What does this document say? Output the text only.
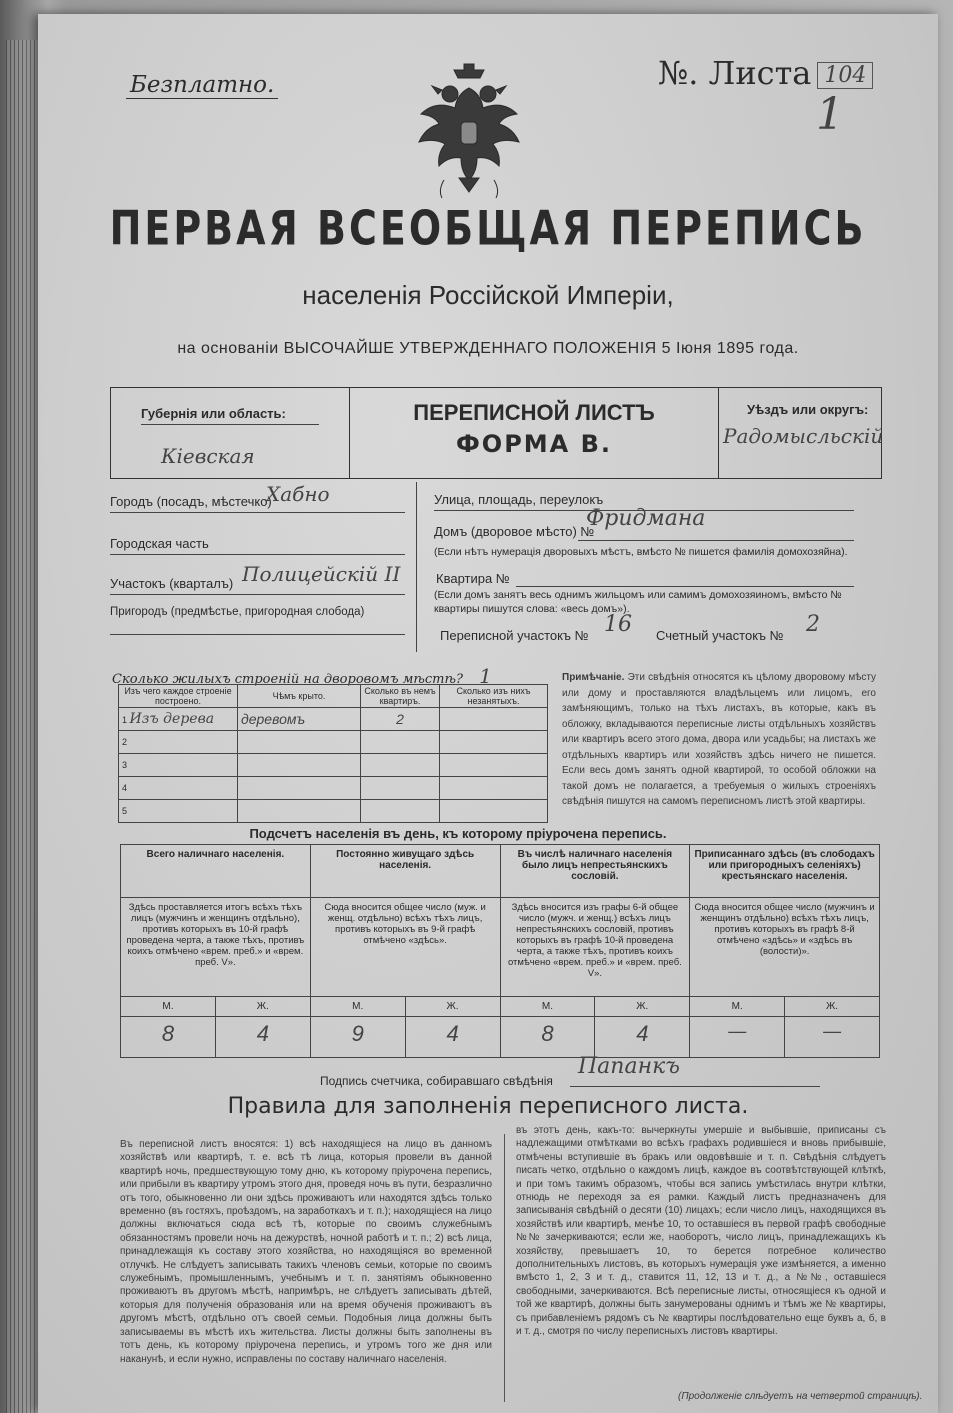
Безплатно.	№. Листа 104
1
ПЕРВАЯ ВСЕОБЩАЯ ПЕРЕПИСЬ
населенія Россійской Имперіи,
на основаніи ВЫСОЧАЙШЕ УТВЕРЖДЕННАГО ПОЛОЖЕНІЯ 5 Іюня 1895 года.
Губернія или область:
Кіевская
ПЕРЕПИСНОЙ ЛИСТЪ
ФОРМА В.
Уѣздъ или округъ:
Радомысльскій
Городъ (посадъ, мѣстечко)
Хабно
Городская часть
Участокъ (кварталъ) Полицейскій II
Пригородъ (предмѣстье, пригородная слобода)
Улица, площадь, переулокъ
Домъ (дворовое мѣсто) №
Фридмана
(Если нѣтъ нумерація дворовыхъ мѣстъ, вмѣсто № пишется фамилія домохозяйна).
Квартира №
(Если домъ занятъ весь однимъ жильцомъ или самимъ домохозяиномъ, вмѣсто № квартиры пишутся слова: «весь домъ»).
Переписной участокъ № 16 Счетный участокъ № 2
Сколько жилыхъ строеній на дворовомъ мѣстѣ? 1
Изъ чего каждое строеніе построено.	Чѣмъ крыто.	Сколько въ немъ квартиръ.	Сколько изъ нихъ незанятыхъ.
1 Изъ дерева	деревомъ	2	
2			
3			
4			
5			
Примѣчаніе. Эти свѣдѣнія относятся къ цѣлому дворовому мѣсту или дому и проставляются владѣльцемъ или лицомъ, его замѣняющимъ, только на тѣхъ листахъ, въ которые, какъ въ обложку, вкладываются переписные листы отдѣльныхъ хозяйствъ или квартиръ всего этого дома, двора или усадьбы; на листахъ же отдѣльныхъ квартиръ или хозяйствъ здѣсь ничего не пишется. Если весь домъ занятъ одной квартирой, то особой обложки на такой домъ не полагается, а требуемыя о жилыхъ строеніяхъ свѣдѣнія пишутся на самомъ переписномъ листѣ этой квартиры.
Подсчетъ населенія въ день, къ которому пріурочена перепись.
Всего наличнаго населенія.		Постоянно живущаго здѣсь населенія.		Въ числѣ наличнаго населенія было лицъ непрестьянскихъ сословій.		Приписаннаго здѣсь (въ слободахъ или пригородныхъ селеніяхъ) крестьянскаго населенія.	
Здѣсь проставляется итогъ всѣхъ тѣхъ лицъ (мужчинъ и женщинъ отдѣльно), противъ которыхъ въ 10-й графѣ проведена черта, а также тѣхъ, противъ коихъ отмѣчено «врем. преб.» и «врем. преб. V».		Сюда вносится общее число (муж. и женщ. отдѣльно) всѣхъ тѣхъ лицъ, противъ которыхъ въ 9-й графѣ отмѣчено «здѣсь».		Здѣсь вносится изъ графы 6-й общее число (мужч. и женщ.) всѣхъ лицъ непрестьянскихъ сословій, противъ которыхъ въ графѣ 10-й проведена черта, а также тѣхъ, противъ коихъ отмѣчено «врем. преб.» и «врем. преб. V».		Сюда вносится общее число (мужчинъ и женщинъ отдѣльно) всѣхъ тѣхъ лицъ, противъ которыхъ въ графѣ 8-й отмѣчено «здѣсь» и «здѣсь въ (волости)».	
М.	Ж.	М.	Ж.	М.	Ж.	М.	Ж.
8	4	9	4	8	4	—	—
Подпись счетчика, собиравшаго свѣдѣнія
Папанкъ
Правила для заполненія переписного листа.
Въ переписной листъ вносятся: 1) всѣ находящіеся на лицо въ данномъ хозяйствѣ или квартирѣ, т. е. всѣ тѣ лица, которыя провели въ данной квартирѣ ночь, предшествующую тому дню, къ которому пріурочена перепись, или прибыли въ квартиру утромъ этого дня, проведя ночь въ пути, безразлично отъ того, обыкновенно ли они здѣсь проживаютъ или находятся здѣсь только временно (въ гостяхъ, проѣздомъ, на заработкахъ и т. п.); находящіеся на лицо должны включаться сюда всѣ тѣ, которые по своимъ служебнымъ обязанностямъ провели ночь на дежурствѣ, ночной работѣ и т. п.; 2) всѣ лица, принадлежащія къ составу этого хозяйства, но находящіяся во временной отлучкѣ. Не слѣдуетъ записывать такихъ членовъ семьи, которые по своимъ служебнымъ, промышленнымъ, учебнымъ и т. п. занятіямъ обыкновенно проживаютъ въ другомъ мѣстѣ, напримѣръ, не слѣдуетъ записывать дѣтей, которыя для полученія образованія или на время обученія проживаютъ въ другомъ мѣстѣ, отдѣльно отъ своей семьи. Подобныя лица должны быть записываемы въ мѣстѣ ихъ жительства. Листы должны быть заполнены въ тотъ день, къ которому пріурочена перепись, и утромъ того же дня или наканунѣ, и если нужно, исправлены по составу наличнаго населенія.
въ этотъ день, какъ-то: вычеркнуты умершіе и выбывшіе, приписаны съ надлежащими отмѣтками во всѣхъ графахъ родившіеся и вновь прибывшіе, отмѣчены вступившіе въ бракъ или овдовѣвшіе и т. п. Свѣдѣнія слѣдуетъ писать четко, отдѣльно о каждомъ лицѣ, каждое въ соотвѣтствующей клѣткѣ, и при томъ такимъ образомъ, чтобы вся запись умѣстилась внутри клѣтки, отнюдь не переходя за ея рамки. Каждый листъ предназначенъ для записыванія свѣдѣній о десяти (10) лицахъ; если число лицъ, находящихся въ хозяйствѣ или квартирѣ, менѣе 10, то оставшіеся въ первой графѣ свободные №№ зачеркиваются; если же, наоборотъ, число лицъ, принадлежащихъ къ хозяйству, превышаетъ 10, то берется потребное количество дополнительныхъ листовъ, въ которыхъ нумерація уже измѣняется, а именно вмѣсто 1, 2, 3 и т. д., ставится 11, 12, 13 и т. д., а №№, оставшіеся свободными, зачеркиваются. Всѣ переписные листы, относящіеся къ одной и той же квартирѣ, должны быть занумерованы однимъ и тѣмъ же № квартиры, съ прибавленіемъ рядомъ съ № квартиры послѣдовательно еще буквъ а, б, в и т. д., смотря по числу переписныхъ листовъ квартиры.
(Продолженіе слѣдуетъ на четвертой страницѣ).
